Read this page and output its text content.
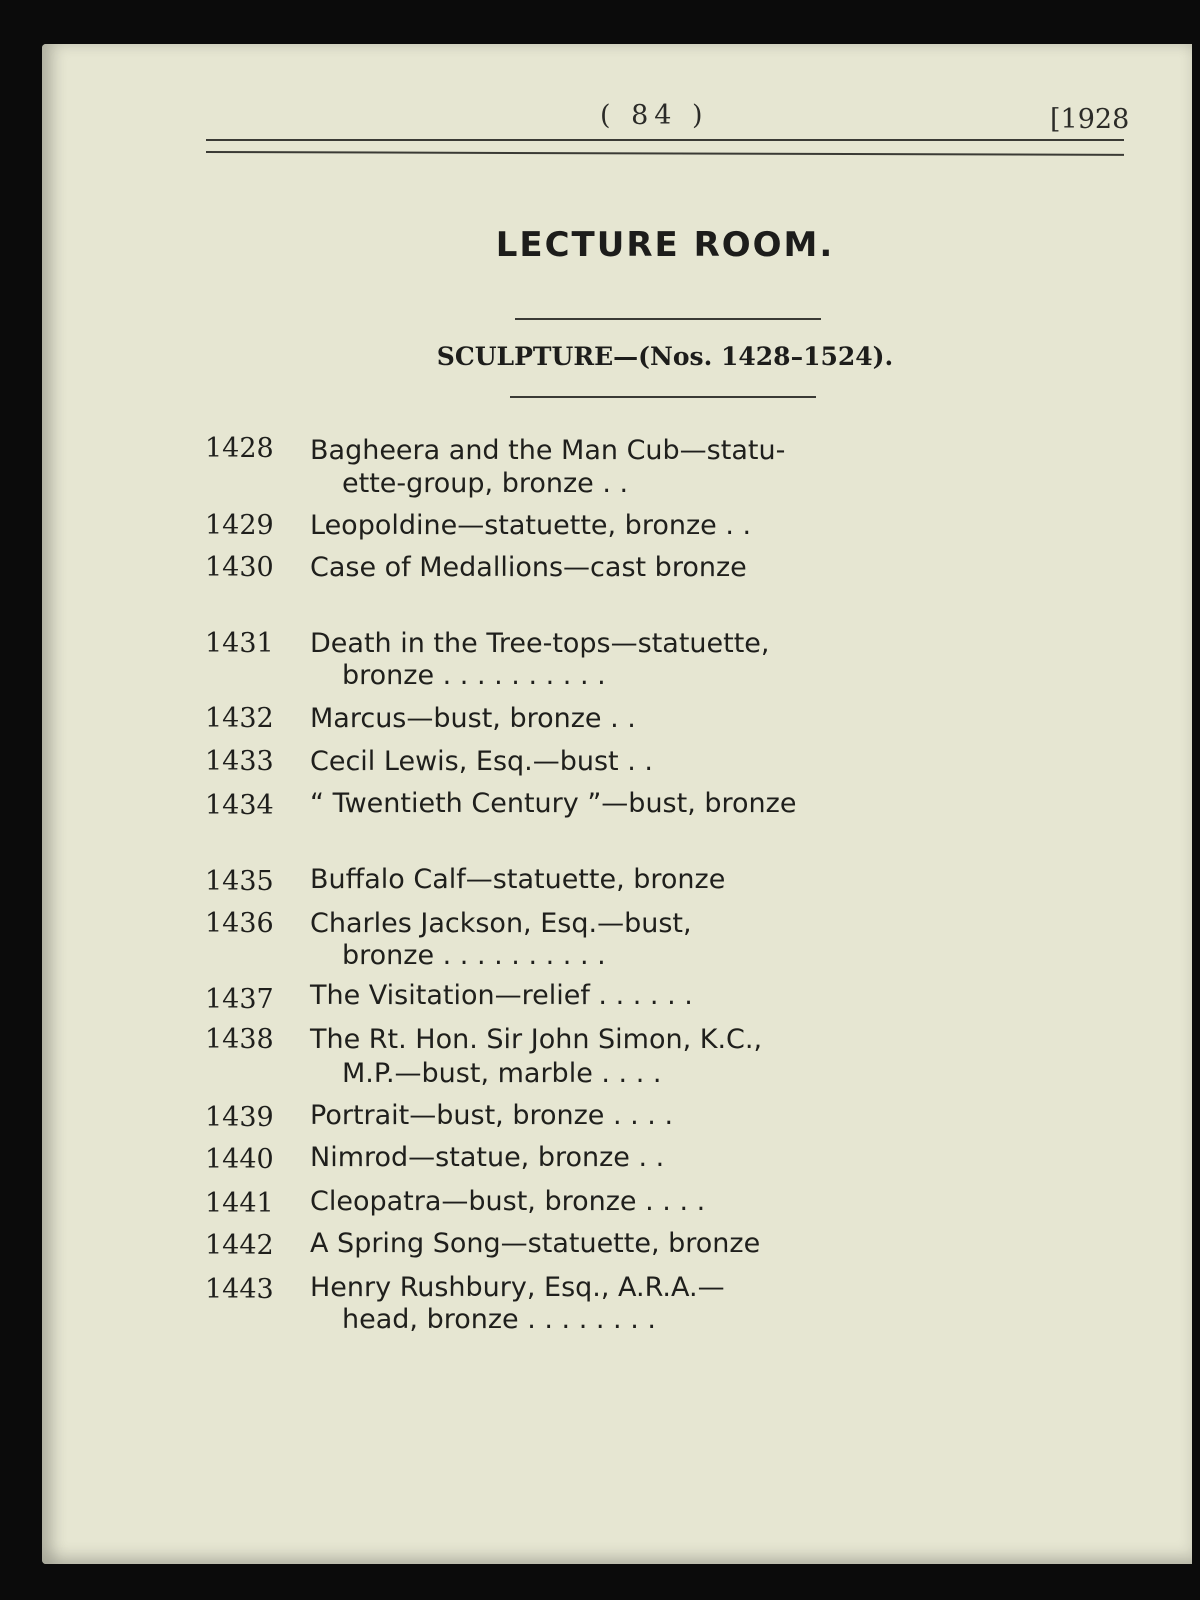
( 84 )	[1928
LECTURE ROOM.
SCULPTURE—(Nos. 1428–1524).
1428	Bagheera and the Man Cub—statu-
ette-group, bronze . .
1429	Leopoldine—statuette, bronze . .
1430	Case of Medallions—cast bronze
1431	Death in the Tree-tops—statuette,
bronze . . . . . . . . . .
1432	Marcus—bust, bronze . .
1433	Cecil Lewis, Esq.—bust . .
1434	“ Twentieth Century ”—bust, bronze
1435	Buffalo Calf—statuette, bronze
1436	Charles Jackson, Esq.—bust,
bronze . . . . . . . . . .
1437	The Visitation—relief . . . . . .
1438	The Rt. Hon. Sir John Simon, K.C.,
M.P.—bust, marble . . . .
1439	Portrait—bust, bronze . . . .
1440	Nimrod—statue, bronze . .
1441	Cleopatra—bust, bronze . . . .
1442	A Spring Song—statuette, bronze
1443	Henry Rushbury, Esq., A.R.A.—
head, bronze . . . . . . . .
